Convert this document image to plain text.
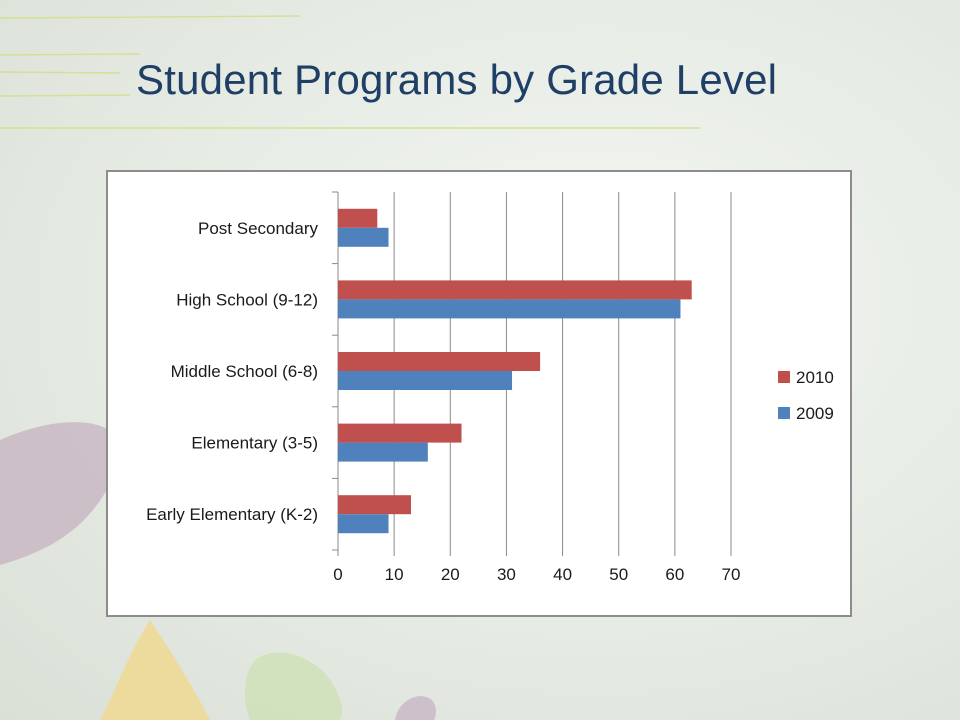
Student Programs by Grade Level
0 10 20 30 40 50 60 70
Post Secondary
High School (9-12)
Middle School (6-8)
Elementary (3-5)
Early Elementary (K-2)
2010
2009
